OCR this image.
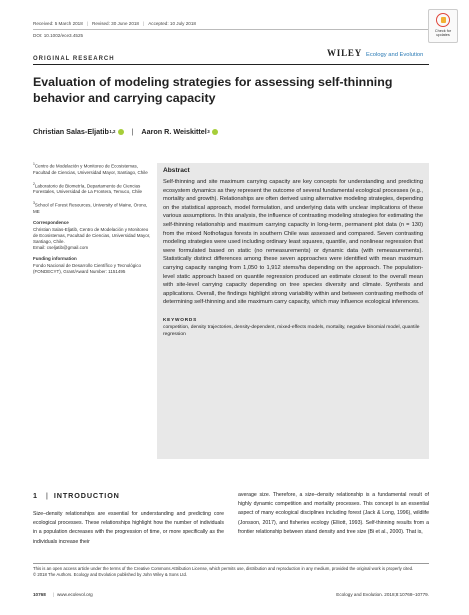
Received: 5 March 2018 | Revised: 30 June 2018 | Accepted: 10 July 2018
DOI: 10.1002/ece3.4525
Check for
updates
ORIGINAL RESEARCH
WILEY Ecology and Evolution
Evaluation of modeling strategies for assessing self-thinning behavior and carrying capacity
Christian Salas-Eljatib 1,2 | Aaron R. Weiskittel 3

$^1$Centro de Modelación y Monitoreo de Ecosistemas, Facultad de Ciencias, Universidad Mayor, Santiago, Chile

$^2$Laboratorio de Biometría, Departamento de Ciencias Forestales, Universidad de La Frontera, Temuco, Chile

$^3$School of Forest Resources, University of Maine, Orono, ME

Correspondence

Christian Salas-Eljatib, Centro de Modelación y Monitoreo de Ecosistemas, Facultad de Ciencias, Universidad Mayor, Santiago, Chile.
Email: cseljatib@gmail.com

Funding information

Fondo Nacional de Desarrollo Científico y Tecnológico (FONDECYT), Grant/Award Number: 1151495

Abstract
Self-thinning and site maximum carrying capacity are key concepts for understanding and predicting ecosystem dynamics as they represent the outcome of several fundamental ecological processes (e.g., mortality and growth). Relationships are often derived using alternative modeling strategies, depending on the statistical approach, model formulation, and underlying data with unclear implications of these various assumptions. In this analysis, the influence of contrasting modeling strategies for estimating the self-thinning relationship and maximum carrying capacity in long-term, permanent plot data (n = 130) from the mixed Nothofagus forests in southern Chile was assessed and compared. Seven contrasting modeling strategies were used including ordinary least squares, quantile, and nonlinear regression that were formulated based on static (no remeasurements) or dynamic data (with remeasurements). Statistically distinct differences among these seven approaches were identified with mean maximum carrying capacity ranging from 1,050 to 1,912 stems/ha depending on the approach. The population-level static approach based on quantile regression produced an estimate closest to the overall mean with site-level carrying capacity depending on tree species diversity and climate. Synthesis and applications. Overall, the findings highlight strong variability within and between contrasting methods of determining self-thinning and site maximum carry capacity, which may influence ecological inferences.
KEYWORDS
competition, density trajectories, density-dependent, mixed-effects models, mortality, negative binomial model, quantile regression
1 | INTRODUCTION
Size–density relationships are essential for understanding and predicting core ecological processes. These relationships highlight how the number of individuals in a population decreases with the progression of time, or more specifically as the individuals increase their
average size. Therefore, a size–density relationship is a fundamental result of highly dynamic competition and mortality processes. This concept is an essential aspect of many ecological disciplines including forest (Jack & Long, 1996), wildlife (Jonsson, 2017), and fisheries ecology (Elliott, 1993). Self-thinning results from a frontier relationship between stand density and tree size (Bi et al., 2000). That is,
This is an open access article under the terms of the Creative Commons Attribution License, which permits use, distribution and reproduction in any medium, provided the original work is properly cited.
© 2018 The Authors. Ecology and Evolution published by John Wiley & Sons Ltd.
10768 | www.ecolevol.org	Ecology and Evolution. 2018;8:10768–10779.
